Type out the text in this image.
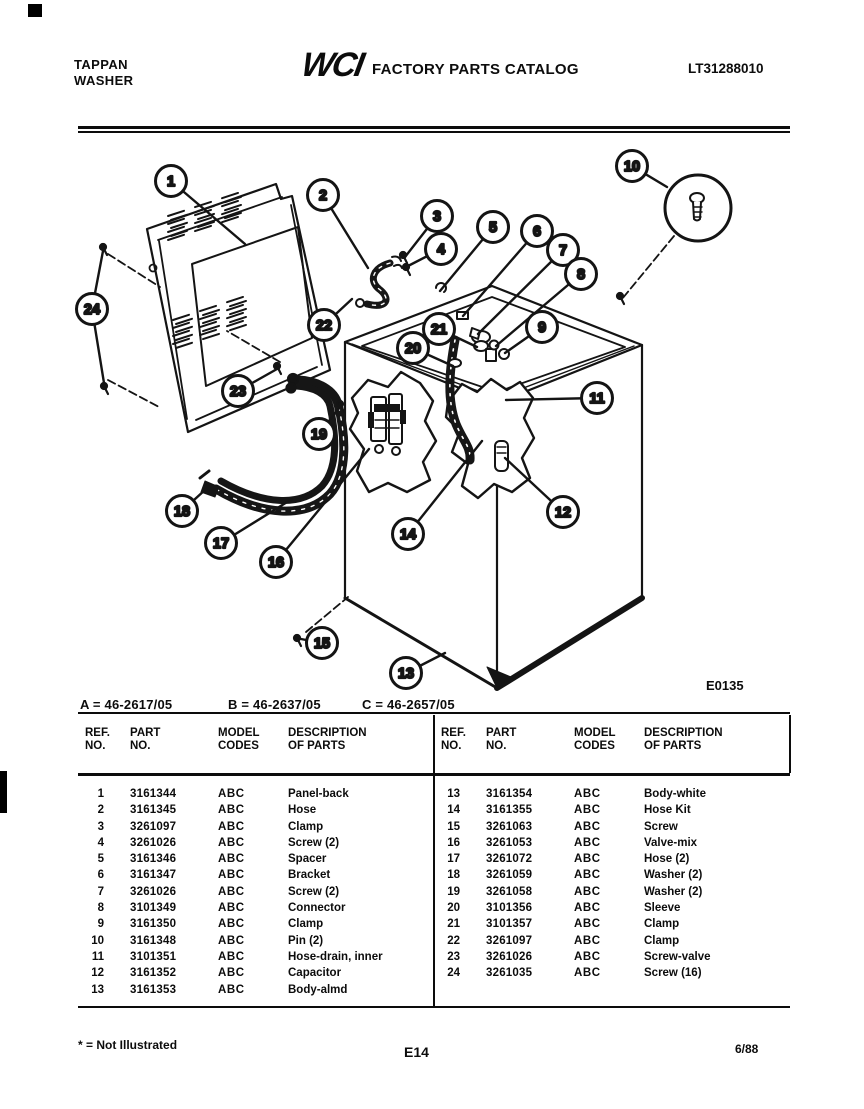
TAPPAN
WASHER	WCI FACTORY PARTS CATALOG	LT31288010
1
2
3
4
5 6
7
8
9
10
11
12
13
14
15
16
17
18
19
20
21
22
23
24
E0135
A = 46-2617/05	B = 46-2637/05	C = 46-2657/05
REF.
NO.
PART
NO.
MODEL
CODES
DESCRIPTION
OF PARTS
1	3161344	ABC	Panel-back
2	3161345	ABC	Hose
3	3261097	ABC	Clamp
4	3261026	ABC	Screw (2)
5	3161346	ABC	Spacer
6	3161347	ABC	Bracket
7	3261026	ABC	Screw (2)
8	3101349	ABC	Connector
9	3161350	ABC	Clamp
10	3161348	ABC	Pin (2)
11	3101351	ABC	Hose-drain, inner
12	3161352	ABC	Capacitor
13	3161353	ABC	Body-almd
REF.
NO.
PART
NO.
MODEL
CODES
DESCRIPTION
OF PARTS
13	3161354	ABC	Body-white
14	3161355	ABC	Hose Kit
15	3261063	ABC	Screw
16	3261053	ABC	Valve-mix
17	3261072	ABC	Hose (2)
18	3261059	ABC	Washer (2)
19	3261058	ABC	Washer (2)
20	3101356	ABC	Sleeve
21	3101357	ABC	Clamp
22	3261097	ABC	Clamp
23	3261026	ABC	Screw-valve
24	3261035	ABC	Screw (16)
* = Not Illustrated	E14	6/88
